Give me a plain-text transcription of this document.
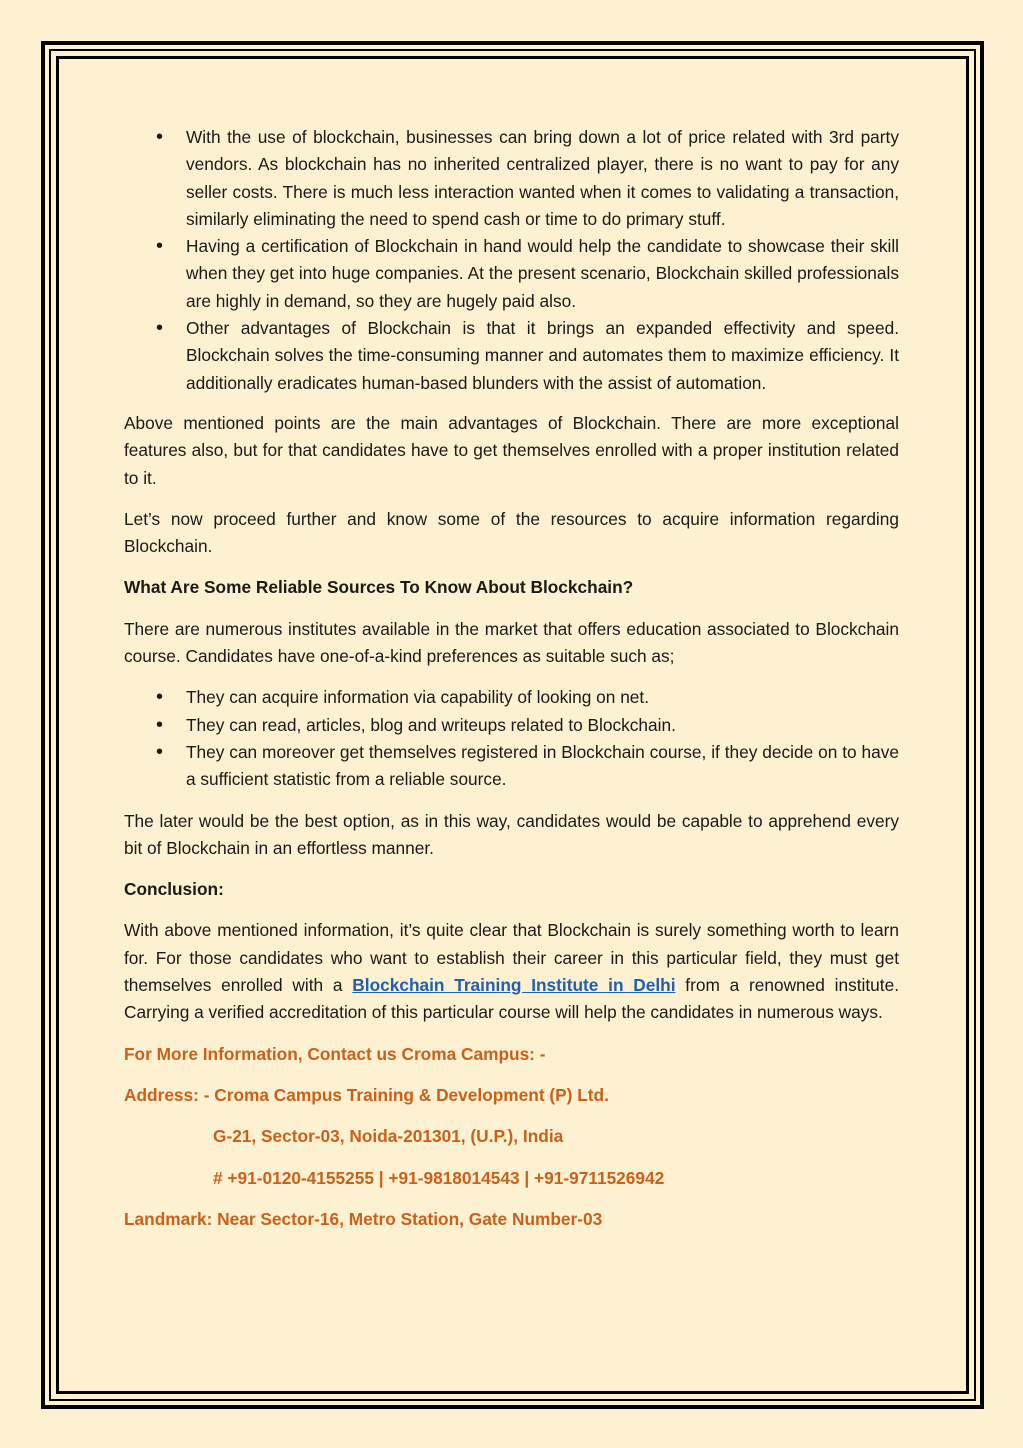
• With the use of blockchain, businesses can bring down a lot of price related with 3rd party vendors. As blockchain has no inherited centralized player, there is no want to pay for any seller costs. There is much less interaction wanted when it comes to validating a transaction, similarly eliminating the need to spend cash or time to do primary stuff.
• Having a certification of Blockchain in hand would help the candidate to showcase their skill when they get into huge companies. At the present scenario, Blockchain skilled professionals are highly in demand, so they are hugely paid also.
• Other advantages of Blockchain is that it brings an expanded effectivity and speed. Blockchain solves the time-consuming manner and automates them to maximize efficiency. It additionally eradicates human-based blunders with the assist of automation.

Above mentioned points are the main advantages of Blockchain. There are more exceptional features also, but for that candidates have to get themselves enrolled with a proper institution related to it.

Let’s now proceed further and know some of the resources to acquire information regarding Blockchain.

What Are Some Reliable Sources To Know About Blockchain?

There are numerous institutes available in the market that offers education associated to Blockchain course. Candidates have one-of-a-kind preferences as suitable such as;

• They can acquire information via capability of looking on net.
• They can read, articles, blog and writeups related to Blockchain.
• They can moreover get themselves registered in Blockchain course, if they decide on to have a sufficient statistic from a reliable source.

The later would be the best option, as in this way, candidates would be capable to apprehend every bit of Blockchain in an effortless manner.

Conclusion:

With above mentioned information, it’s quite clear that Blockchain is surely something worth to learn for. For those candidates who want to establish their career in this particular field, they must get themselves enrolled with a Blockchain Training Institute in Delhi from a renowned institute. Carrying a verified accreditation of this particular course will help the candidates in numerous ways.

For More Information, Contact us Croma Campus: -

Address: - Croma Campus Training & Development (P) Ltd.

G-21, Sector-03, Noida-201301, (U.P.), India

# +91-0120-4155255 | +91-9818014543 | +91-9711526942

Landmark: Near Sector-16, Metro Station, Gate Number-03
